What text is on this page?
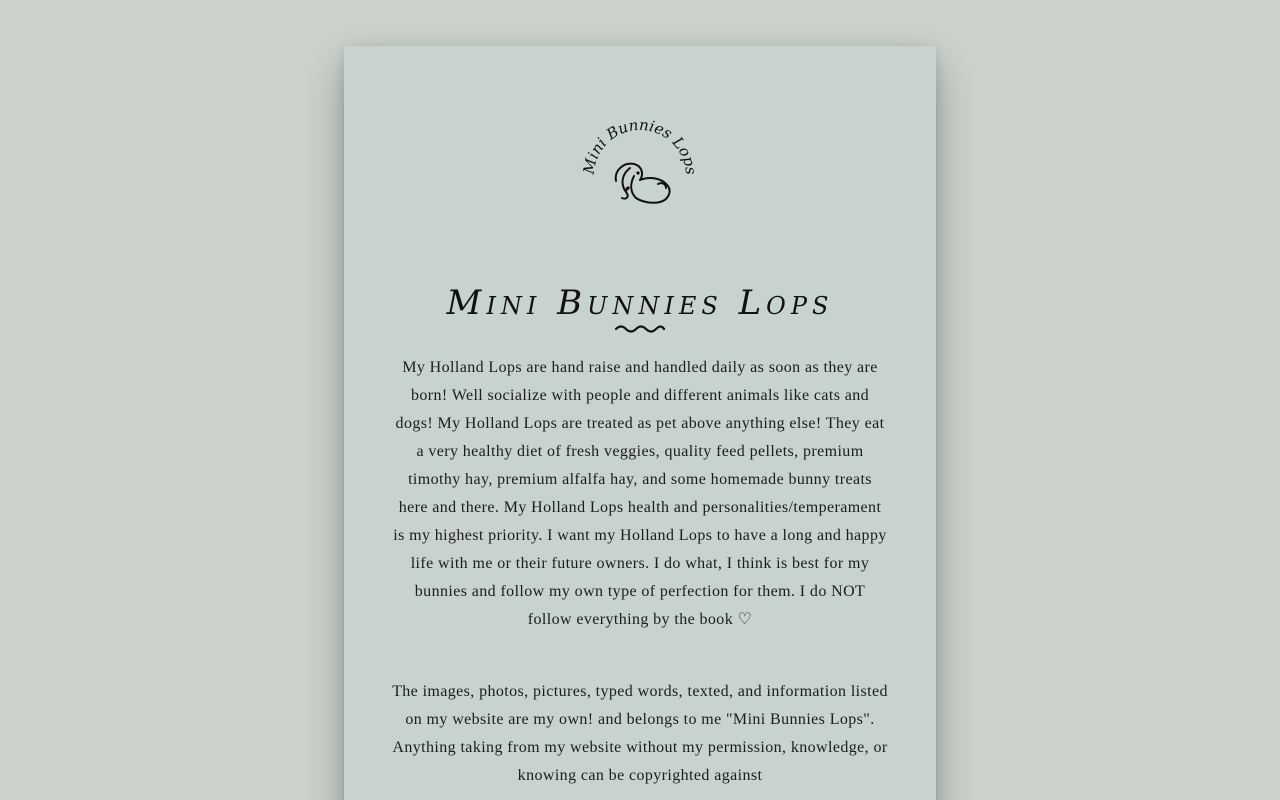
Mini Bunnies Lops
Mini Bunnies Lops

My Holland Lops are hand raise and handled daily as soon as they are born! Well socialize with people and different animals like cats and dogs! My Holland Lops are treated as pet above anything else! They eat a very healthy diet of fresh veggies, quality feed pellets, premium timothy hay, premium alfalfa hay, and some homemade bunny treats here and there. My Holland Lops health and personalities/temperament is my highest priority. I want my Holland Lops to have a long and happy life with me or their future owners. I do what, I think is best for my bunnies and follow my own type of perfection for them. I do NOT follow everything by the book ♡

The images, photos, pictures, typed words, texted, and information listed on my website are my own! and belongs to me "Mini Bunnies Lops". Anything taking from my website without my permission, knowledge, or knowing can be copyrighted against
